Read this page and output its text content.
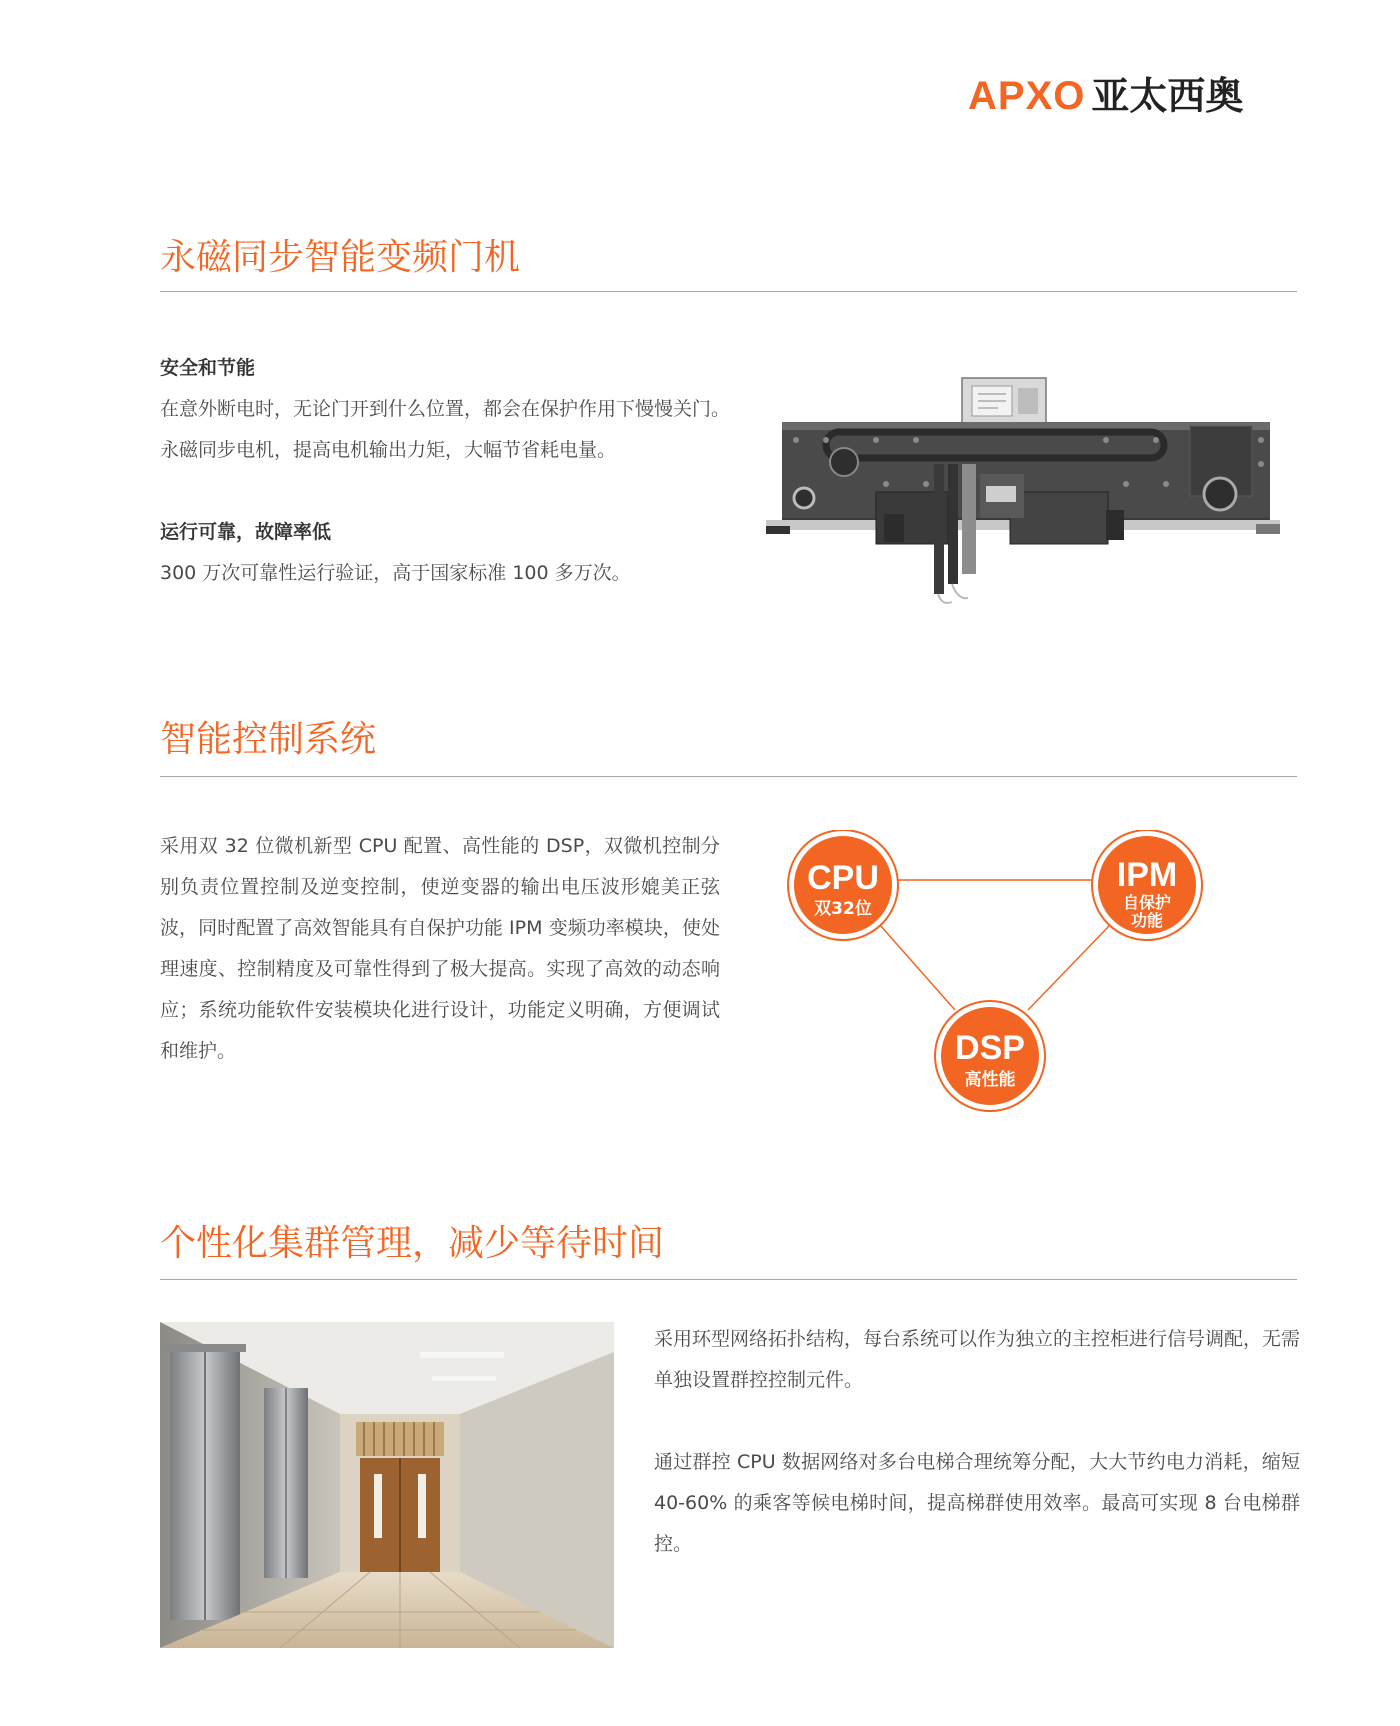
APXO 亚太西奥
永磁同步智能变频门机
安全和节能

在意外断电时，无论门开到什么位置，都会在保护作用下慢慢关门。永磁同步电机，提高电机输出力矩，大幅节省耗电量。

运行可靠，故障率低

300 万次可靠性运行验证，高于国家标准 100 多万次。

智能控制系统

采用双 32 位微机新型 CPU 配置、高性能的 DSP，双微机控制分别负责位置控制及逆变控制，使逆变器的输出电压波形媲美正弦波，同时配置了高效智能具有自保护功能 IPM 变频功率模块，使处理速度、控制精度及可靠性得到了极大提高。实现了高效的动态响应；系统功能软件安装模块化进行设计，功能定义明确，方便调试和维护。

CPU
双32位
IPM
自保护
功能
DSP
高性能
个性化集群管理，减少等待时间

采用环型网络拓扑结构，每台系统可以作为独立的主控柜进行信号调配，无需单独设置群控控制元件。

通过群控 CPU 数据网络对多台电梯合理统筹分配，大大节约电力消耗，缩短 40-60% 的乘客等候电梯时间，提高梯群使用效率。最高可实现 8 台电梯群控。
